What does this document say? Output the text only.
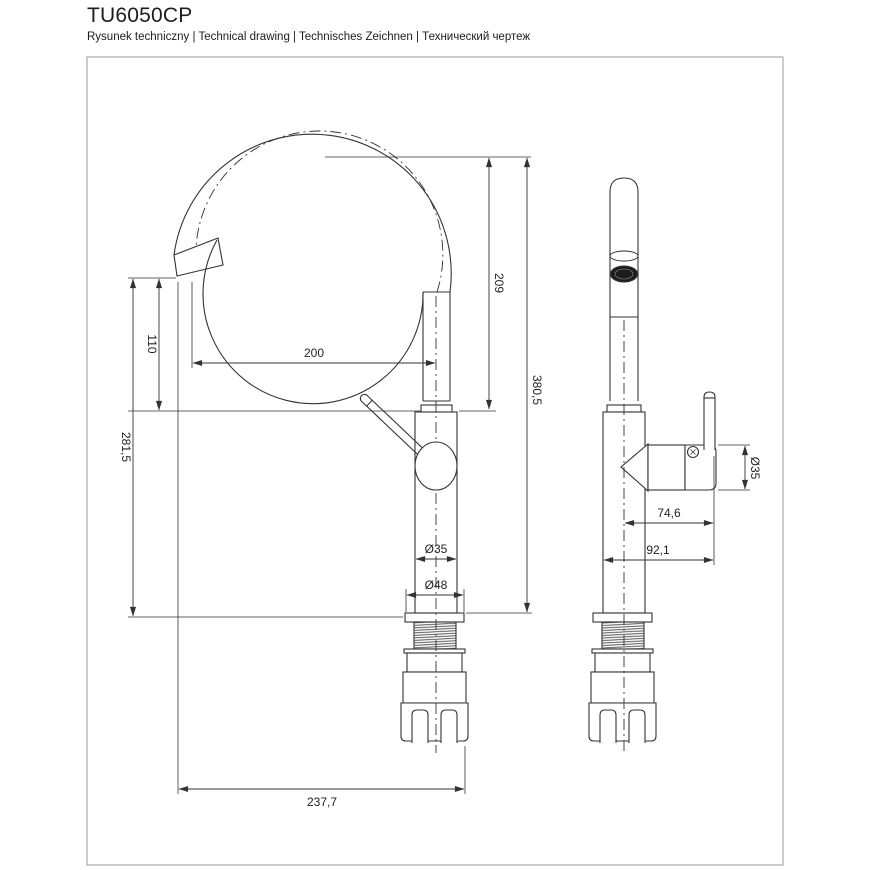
TU6050CP
Rysunek techniczny | Technical drawing | Technisches Zeichnen | Технический чертеж
209
380,5
110
281,5
200
Ø35
Ø48
237,7
Ø35
74,6
92,1
